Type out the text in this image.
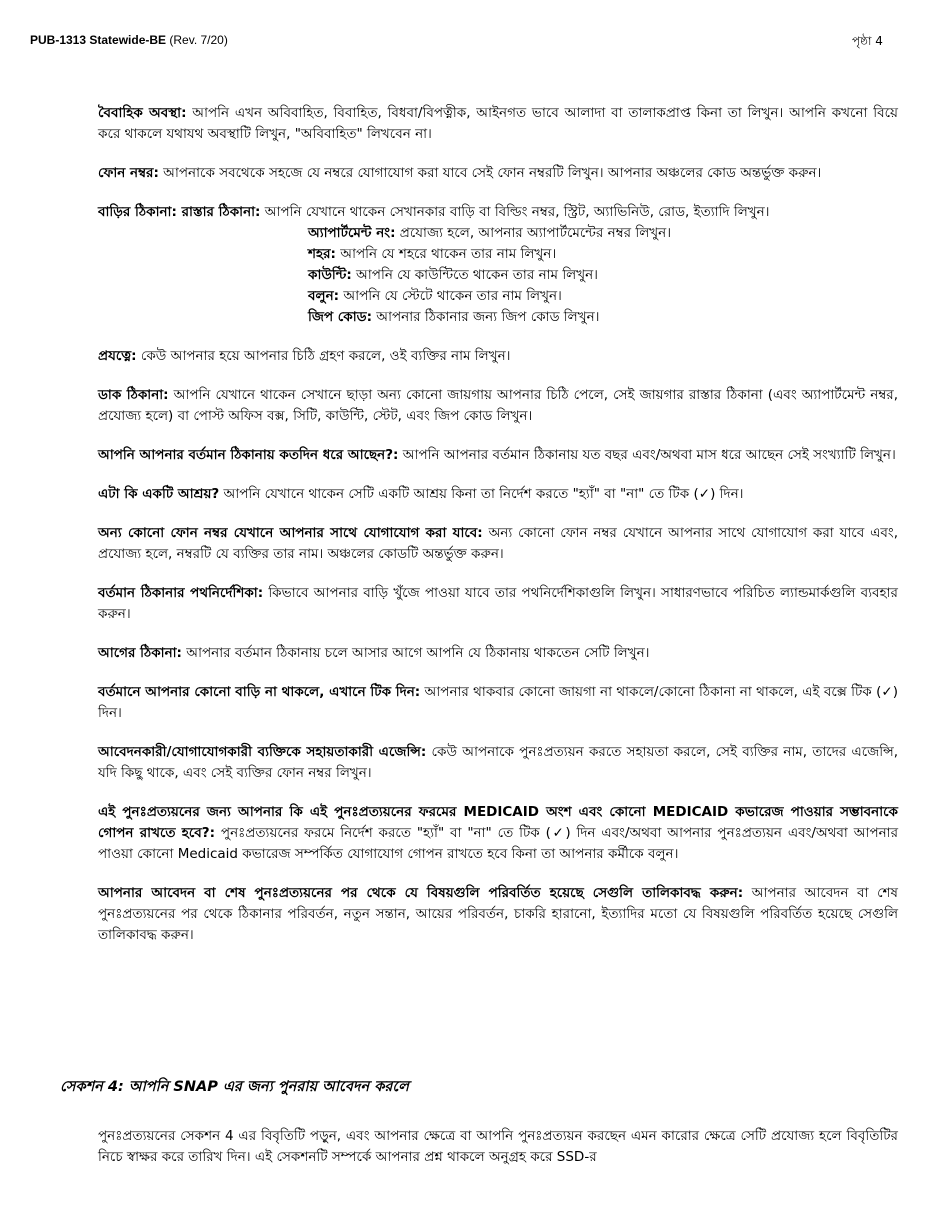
PUB-1313 Statewide-BE (Rev. 7/20)	পৃষ্ঠা 4

বৈবাহিক অবস্থা: আপনি এখন অবিবাহিত, বিবাহিত, বিধবা/বিপত্নীক, আইনগত ভাবে আলাদা বা তালাকপ্রাপ্ত কিনা তা লিখুন। আপনি কখনো বিয়ে করে থাকলে যথাযথ অবস্থাটি লিখুন, "অবিবাহিত" লিখবেন না।

ফোন নম্বর: আপনাকে সবথেকে সহজে যে নম্বরে যোগাযোগ করা যাবে সেই ফোন নম্বরটি লিখুন। আপনার অঞ্চলের কোড অন্তর্ভুক্ত করুন।

বাড়ির ঠিকানা: রাস্তার ঠিকানা: আপনি যেখানে থাকেন সেখানকার বাড়ি বা বিল্ডিং নম্বর, স্ট্রিট, অ্যাভিনিউ, রোড, ইত্যাদি লিখুন।
অ্যাপার্টমেন্ট নং: প্রযোজ্য হলে, আপনার অ্যাপার্টমেন্টের নম্বর লিখুন।
শহর: আপনি যে শহরে থাকেন তার নাম লিখুন।
কাউন্টি: আপনি যে কাউন্টিতে থাকেন তার নাম লিখুন।
বলুন: আপনি যে স্টেটে থাকেন তার নাম লিখুন।
জিপ কোড: আপনার ঠিকানার জন্য জিপ কোড লিখুন।

প্রযত্নে: কেউ আপনার হয়ে আপনার চিঠি গ্রহণ করলে, ওই ব্যক্তির নাম লিখুন।

ডাক ঠিকানা: আপনি যেখানে থাকেন সেখানে ছাড়া অন্য কোনো জায়গায় আপনার চিঠি পেলে, সেই জায়গার রাস্তার ঠিকানা (এবং অ্যাপার্টমেন্ট নম্বর, প্রযোজ্য হলে) বা পোস্ট অফিস বক্স, সিটি, কাউন্টি, স্টেট, এবং জিপ কোড লিখুন।

আপনি আপনার বর্তমান ঠিকানায় কতদিন ধরে আছেন?: আপনি আপনার বর্তমান ঠিকানায় যত বছর এবং/অথবা মাস ধরে আছেন সেই সংখ্যাটি লিখুন।

এটা কি একটি আশ্রয়? আপনি যেখানে থাকেন সেটি একটি আশ্রয় কিনা তা নির্দেশ করতে "হ্যাঁ" বা "না" তে টিক (✓) দিন।

অন্য কোনো ফোন নম্বর যেখানে আপনার সাথে যোগাযোগ করা যাবে: অন্য কোনো ফোন নম্বর যেখানে আপনার সাথে যোগাযোগ করা যাবে এবং, প্রযোজ্য হলে, নম্বরটি যে ব্যক্তির তার নাম। অঞ্চলের কোডটি অন্তর্ভুক্ত করুন।

বর্তমান ঠিকানার পথনির্দেশিকা: কিভাবে আপনার বাড়ি খুঁজে পাওয়া যাবে তার পথনির্দেশিকাগুলি লিখুন। সাধারণভাবে পরিচিত ল্যান্ডমার্কগুলি ব্যবহার করুন।

আগের ঠিকানা: আপনার বর্তমান ঠিকানায় চলে আসার আগে আপনি যে ঠিকানায় থাকতেন সেটি লিখুন।

বর্তমানে আপনার কোনো বাড়ি না থাকলে, এখানে টিক দিন: আপনার থাকবার কোনো জায়গা না থাকলে/কোনো ঠিকানা না থাকলে, এই বক্সে টিক (✓) দিন।

আবেদনকারী/যোগাযোগকারী ব্যক্তিকে সহায়তাকারী এজেন্সি: কেউ আপনাকে পুনঃপ্রত্যয়ন করতে সহায়তা করলে, সেই ব্যক্তির নাম, তাদের এজেন্সি, যদি কিছু থাকে, এবং সেই ব্যক্তির ফোন নম্বর লিখুন।

এই পুনঃপ্রত্যয়নের জন্য আপনার কি এই পুনঃপ্রত্যয়নের ফরমের MEDICAID অংশ এবং কোনো MEDICAID কভারেজ পাওয়ার সম্ভাবনাকে গোপন রাখতে হবে?: পুনঃপ্রত্যয়নের ফরমে নির্দেশ করতে "হ্যাঁ" বা "না" তে টিক (✓) দিন এবং/অথবা আপনার পুনঃপ্রত্যয়ন এবং/অথবা আপনার পাওয়া কোনো Medicaid কভারেজ সম্পর্কিত যোগাযোগ গোপন রাখতে হবে কিনা তা আপনার কর্মীকে বলুন।

আপনার আবেদন বা শেষ পুনঃপ্রত্যয়নের পর থেকে যে বিষয়গুলি পরিবর্তিত হয়েছে সেগুলি তালিকাবদ্ধ করুন: আপনার আবেদন বা শেষ পুনঃপ্রত্যয়নের পর থেকে ঠিকানার পরিবর্তন, নতুন সন্তান, আয়ের পরিবর্তন, চাকরি হারানো, ইত্যাদির মতো যে বিষয়গুলি পরিবর্তিত হয়েছে সেগুলি তালিকাবদ্ধ করুন।

সেকশন 4: আপনি SNAP এর জন্য পুনরায় আবেদন করলে
পুনঃপ্রত্যয়নের সেকশন 4 এর বিবৃতিটি পড়ুন, এবং আপনার ক্ষেত্রে বা আপনি পুনঃপ্রত্যয়ন করছেন এমন কারোর ক্ষেত্রে সেটি প্রযোজ্য হলে বিবৃতিটির নিচে স্বাক্ষর করে তারিখ দিন। এই সেকশনটি সম্পর্কে আপনার প্রশ্ন থাকলে অনুগ্রহ করে SSD-র
